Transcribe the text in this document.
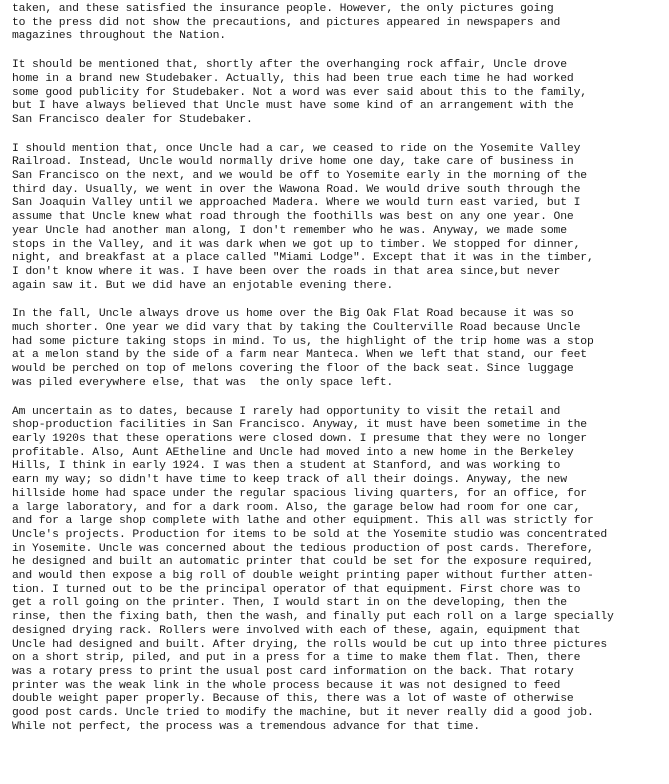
taken, and these satisfied the insurance people. However, the only pictures going
to the press did not show the precautions, and pictures appeared in newspapers and
magazines throughout the Nation.
It should be mentioned that, shortly after the overhanging rock affair, Uncle drove
home in a brand new Studebaker. Actually, this had been true each time he had worked
some good publicity for Studebaker. Not a word was ever said about this to the family,
but I have always believed that Uncle must have some kind of an arrangement with the
San Francisco dealer for Studebaker.
I should mention that, once Uncle had a car, we ceased to ride on the Yosemite Valley
Railroad. Instead, Uncle would normally drive home one day, take care of business in
San Francisco on the next, and we would be off to Yosemite early in the morning of the
third day. Usually, we went in over the Wawona Road. We would drive south through the
San Joaquin Valley until we approached Madera. Where we would turn east varied, but I
assume that Uncle knew what road through the foothills was best on any one year. One
year Uncle had another man along, I don't remember who he was. Anyway, we made some
stops in the Valley, and it was dark when we got up to timber. We stopped for dinner,
night, and breakfast at a place called "Miami Lodge". Except that it was in the timber,
I don't know where it was. I have been over the roads in that area since,but never
again saw it. But we did have an enjotable evening there.
In the fall, Uncle always drove us home over the Big Oak Flat Road because it was so
much shorter. One year we did vary that by taking the Coulterville Road because Uncle
had some picture taking stops in mind. To us, the highlight of the trip home was a stop
at a melon stand by the side of a farm near Manteca. When we left that stand, our feet
would be perched on top of melons covering the floor of the back seat. Since luggage
was piled everywhere else, that was  the only space left.
Am uncertain as to dates, because I rarely had opportunity to visit the retail and
shop-production facilities in San Francisco. Anyway, it must have been sometime in the
early 1920s that these operations were closed down. I presume that they were no longer
profitable. Also, Aunt AEtheline and Uncle had moved into a new home in the Berkeley
Hills, I think in early 1924. I was then a student at Stanford, and was working to
earn my way; so didn't have time to keep track of all their doings. Anyway, the new
hillside home had space under the regular spacious living quarters, for an office, for
a large laboratory, and for a dark room. Also, the garage below had room for one car,
and for a large shop complete with lathe and other equipment. This all was strictly for
Uncle's projects. Production for items to be sold at the Yosemite studio was concentrated
in Yosemite. Uncle was concerned about the tedious production of post cards. Therefore,
he designed and built an automatic printer that could be set for the exposure required,
and would then expose a big roll of double weight printing paper without further atten-
tion. I turned out to be the principal operator of that equipment. First chore was to
get a roll going on the printer. Then, I would start in on the developing, then the
rinse, then the fixing bath, then the wash, and finally put each roll on a large specially
designed drying rack. Rollers were involved with each of these, again, equipment that
Uncle had designed and built. After drying, the rolls would be cut up into three pictures
on a short strip, piled, and put in a press for a time to make them flat. Then, there
was a rotary press to print the usual post card information on the back. That rotary
printer was the weak link in the whole process because it was not designed to feed
double weight paper properly. Because of this, there was a lot of waste of otherwise
good post cards. Uncle tried to modify the machine, but it never really did a good job.
While not perfect, the process was a tremendous advance for that time.
